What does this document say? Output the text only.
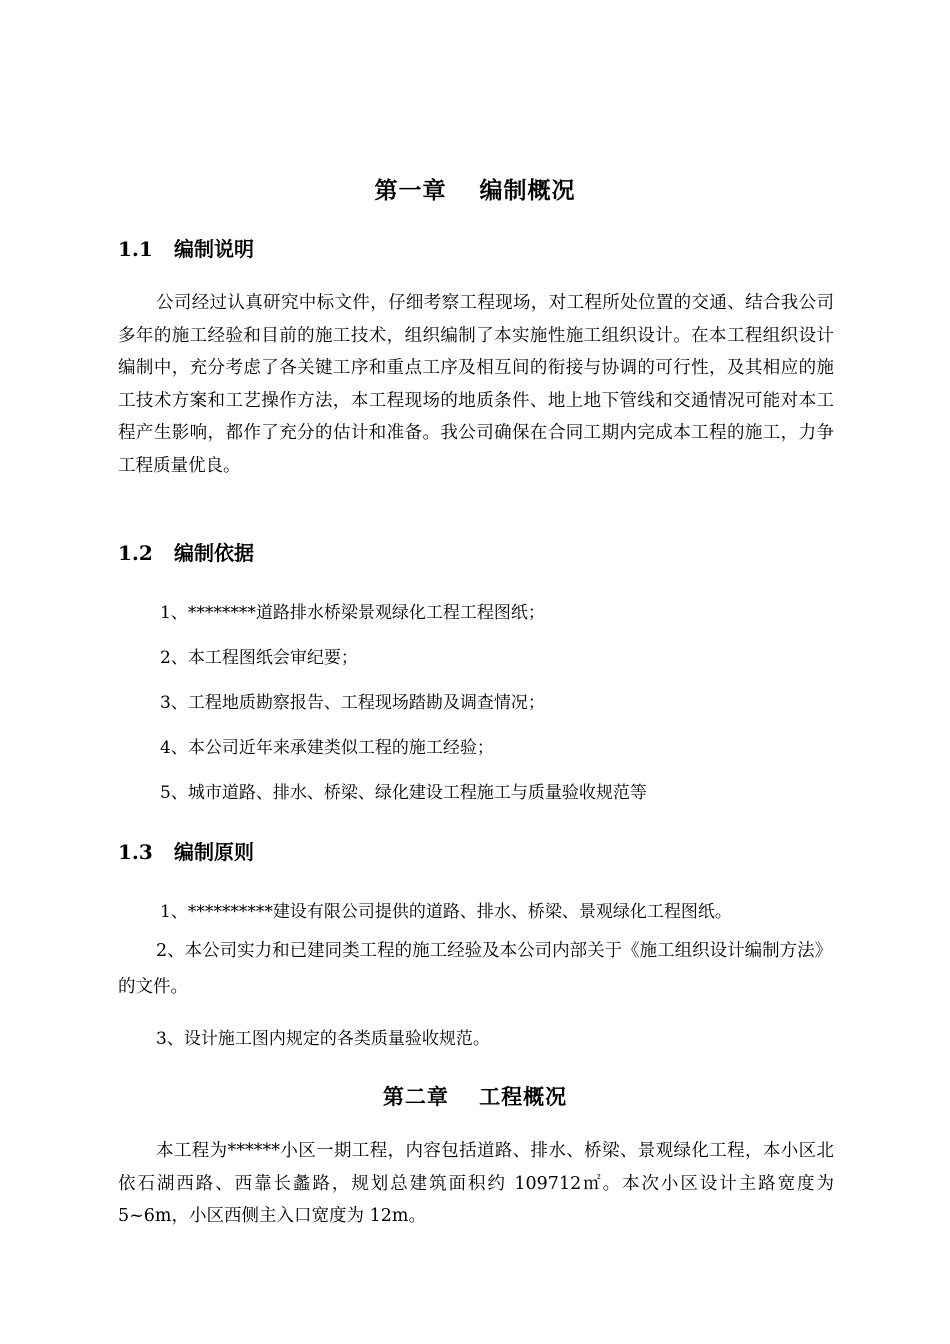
第一章　 编制概况
1.1 编制说明
公司经过认真研究中标文件，仔细考察工程现场，对工程所处位置的交通、结合我公司多年的施工经验和目前的施工技术，组织编制了本实施性施工组织设计。在本工程组织设计编制中，充分考虑了各关键工序和重点工序及相互间的衔接与协调的可行性，及其相应的施工技术方案和工艺操作方法，本工程现场的地质条件、地上地下管线和交通情况可能对本工程产生影响，都作了充分的估计和准备。我公司确保在合同工期内完成本工程的施工，力争工程质量优良。
1.2 编制依据
1、********道路排水桥梁景观绿化工程工程图纸；
2、本工程图纸会审纪要；
3、工程地质勘察报告、工程现场踏勘及调查情况；
4、本公司近年来承建类似工程的施工经验；
5、城市道路、排水、桥梁、绿化建设工程施工与质量验收规范等
1.3 编制原则
1、**********建设有限公司提供的道路、排水、桥梁、景观绿化工程图纸。
2、本公司实力和已建同类工程的施工经验及本公司内部关于《施工组织设计编制方法》的文件。
3、设计施工图内规定的各类质量验收规范。
第二章　 工程概况
本工程为******小区一期工程，内容包括道路、排水、桥梁、景观绿化工程，本小区北依石湖西路、西靠长蠡路，规划总建筑面积约 109712㎡。本次小区设计主路宽度为 5~6m，小区西侧主入口宽度为 12m。
